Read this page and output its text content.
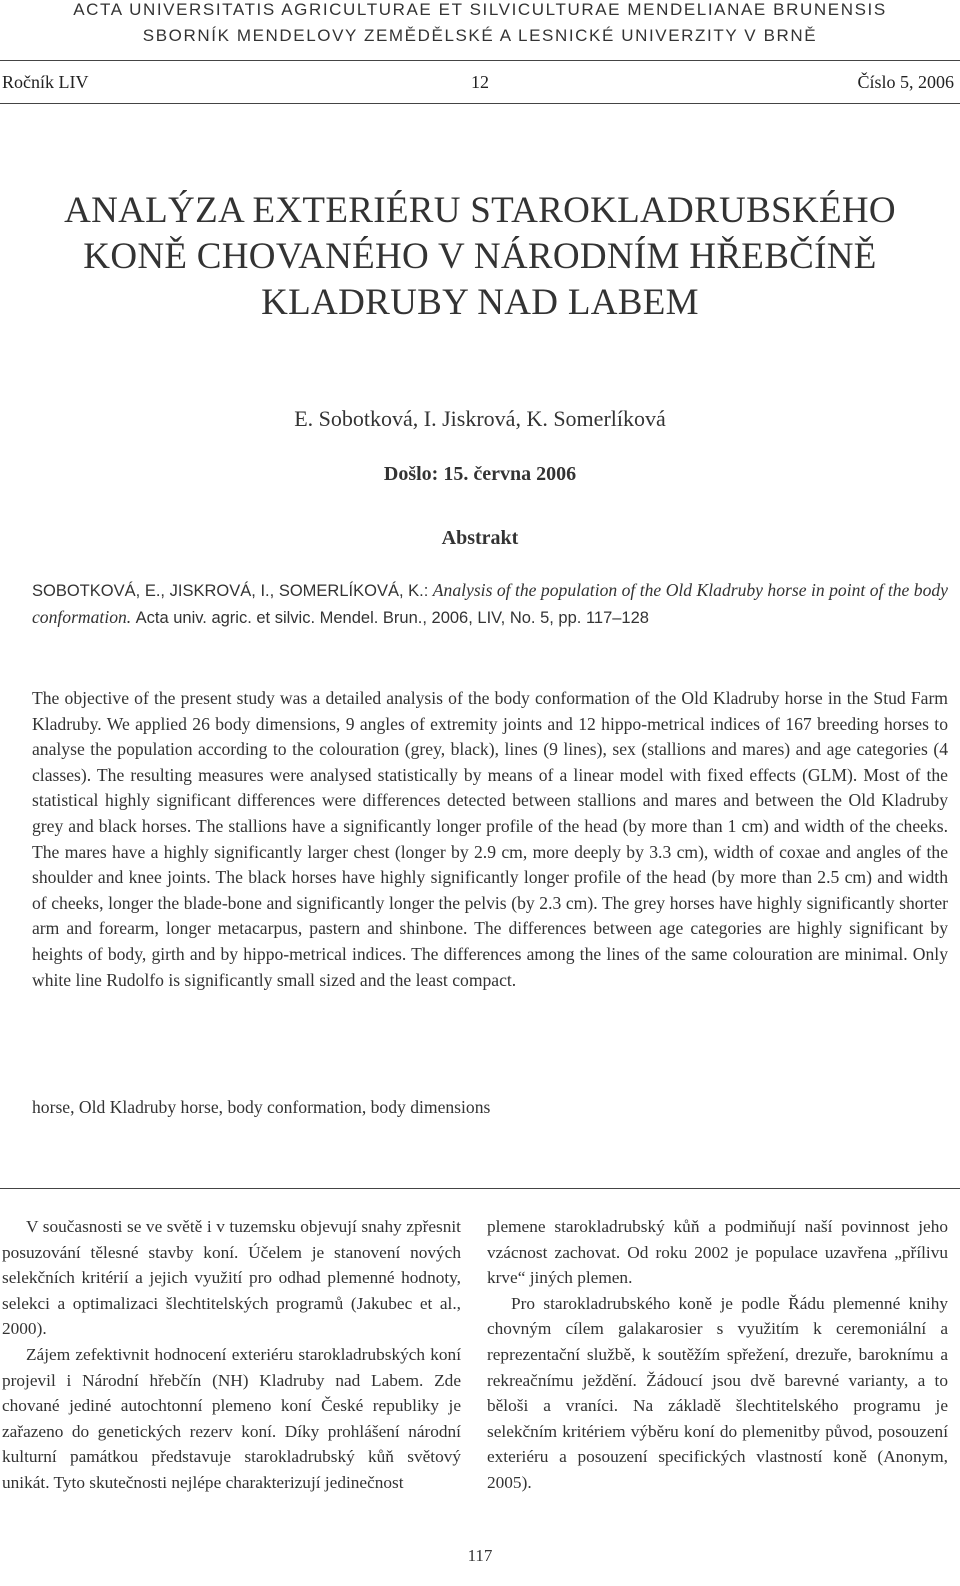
ACTA UNIVERSITATIS AGRICULTURAE ET SILVICULTURAE MENDELIANAE BRUNENSIS
SBORNÍK MENDELOVY ZEMĚDĚLSKÉ A LESNICKÉ UNIVERZITY V BRNĚ
Ročník LIV	12	Číslo 5, 2006
ANALÝZA EXTERIÉRU STAROKLADRUBSKÉHO
KONĚ CHOVANÉHO V NÁRODNÍM HŘEBČÍNĚ
KLADRUBY NAD LABEM
E. Sobotková, I. Jiskrová, K. Somerlíková
Došlo: 15. června 2006
Abstrakt
SOBOTKOVÁ, E., JISKROVÁ, I., SOMERLÍKOVÁ, K.: Analysis of the population of the Old Kladruby horse in point of the body conformation. Acta univ. agric. et silvic. Mendel. Brun., 2006, LIV, No. 5, pp. 117–128
The objective of the present study was a detailed analysis of the body conformation of the Old Kladruby horse in the Stud Farm Kladruby. We applied 26 body dimensions, 9 angles of extremity joints and 12 hippo-metrical indices of 167 breeding horses to analyse the population according to the colouration (grey, black), lines (9 lines), sex (stallions and mares) and age categories (4 classes). The resulting measures were analysed statistically by means of a linear model with fixed effects (GLM). Most of the statistical highly significant differences were differences detected between stallions and mares and between the Old Kladruby grey and black horses. The stallions have a significantly longer profile of the head (by more than 1 cm) and width of the cheeks. The mares have a highly significantly larger chest (longer by 2.9 cm, more deeply by 3.3 cm), width of coxae and angles of the shoulder and knee joints. The black horses have highly significantly longer profile of the head (by more than 2.5 cm) and width of cheeks, longer the blade-bone and significantly longer the pelvis (by 2.3 cm). The grey horses have highly significantly shorter arm and forearm, longer metacarpus, pastern and shinbone. The differences between age categories are highly significant by heights of body, girth and by hippo-metrical indices. The differences among the lines of the same colouration are minimal. Only white line Rudolfo is significantly small sized and the least compact.
horse, Old Kladruby horse, body conformation, body dimensions

V současnosti se ve světě i v tuzemsku objevují snahy zpřesnit posuzování tělesné stavby koní. Účelem je stanovení nových selekčních kritérií a jejich využití pro odhad plemenné hodnoty, selekci a optimalizaci šlechtitelských programů (Jakubec et al., 2000).

Zájem zefektivnit hodnocení exteriéru starokladrubských koní projevil i Národní hřebčín (NH) Kladruby nad Labem. Zde chované jediné autochtonní plemeno koní České republiky je zařazeno do genetických rezerv koní. Díky prohlášení národní kulturní památkou představuje starokladrubský kůň světový unikát. Tyto skutečnosti nejlépe charakterizují jedinečnost

plemene starokladrubský kůň a podmiňují naší povinnost jeho vzácnost zachovat. Od roku 2002 je populace uzavřena „přílivu krve“ jiných plemen.

Pro starokladrubského koně je podle Řádu plemenné knihy chovným cílem galakarosier s využitím k ceremoniální a reprezentační službě, k soutěžím spřežení, drezuře, baroknímu a rekreačnímu ježdění. Žádoucí jsou dvě barevné varianty, a to běloši a vraníci. Na základě šlechtitelského programu je selekčním kritériem výběru koní do plemenitby původ, posouzení exteriéru a posouzení specifických vlastností koně (Anonym, 2005).

117
